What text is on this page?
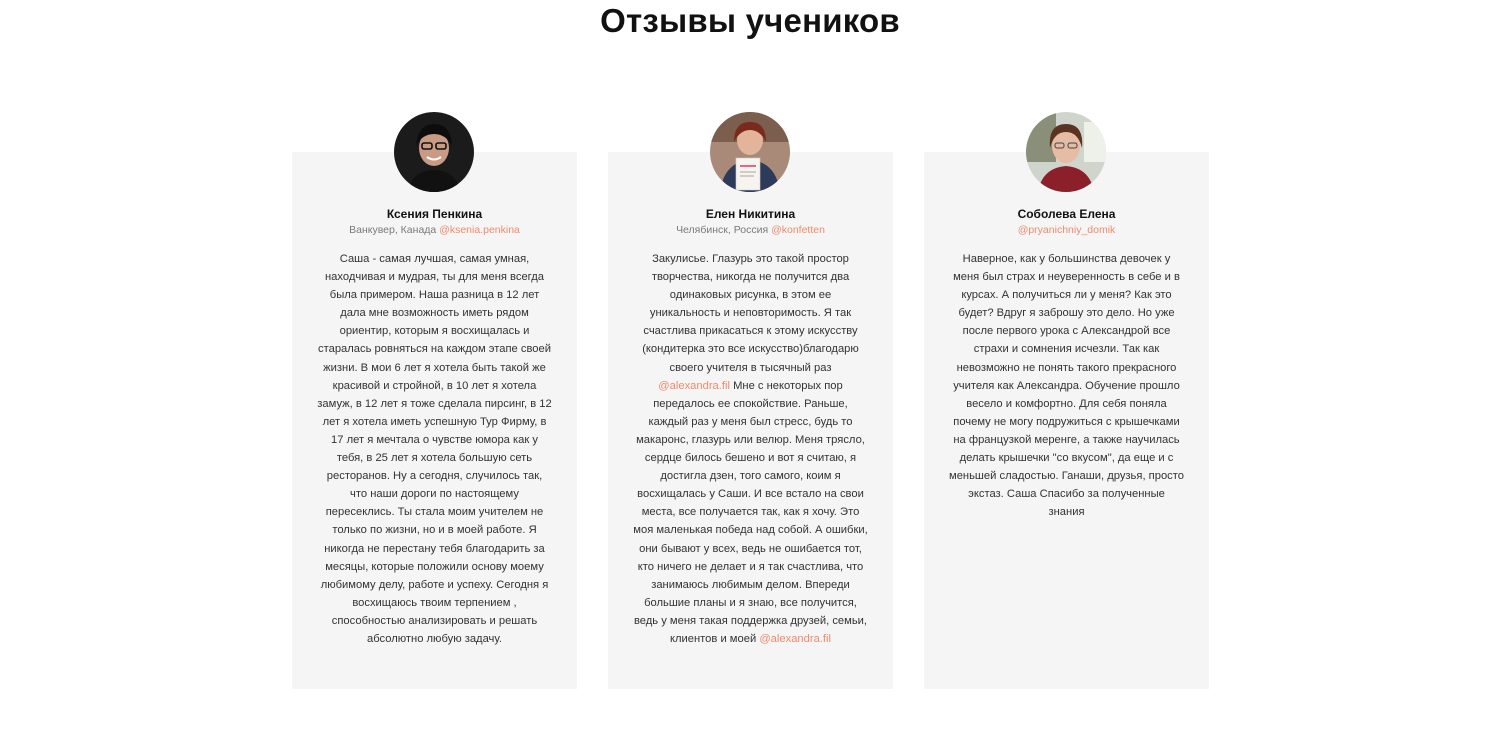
Отзывы учеников
Ксения Пенкина
Ванкувер, Канада @ksenia.penkina
Саша - самая лучшая, самая умная, находчивая и мудрая, ты для меня всегда была примером. Наша разница в 12 лет дала мне возможность иметь рядом ориентир, которым я восхищалась и старалась ровняться на каждом этапе своей жизни. В мои 6 лет я хотела быть такой же красивой и стройной, в 10 лет я хотела замуж, в 12 лет я тоже сделала пирсинг, в 12 лет я хотела иметь успешную Тур Фирму, в 17 лет я мечтала о чувстве юмора как у тебя, в 25 лет я хотела большую сеть ресторанов. Ну а сегодня, случилось так, что наши дороги по настоящему пересеклись. Ты стала моим учителем не только по жизни, но и в моей работе. Я никогда не перестану тебя благодарить за месяцы, которые положили основу моему любимому делу, работе и успеху. Сегодня я восхищаюсь твоим терпением , способностью анализировать и решать абсолютно любую задачу.
Елен Никитина
Челябинск, Россия @konfetten
Закулисье. Глазурь это такой простор творчества, никогда не получится два одинаковых рисунка, в этом ее уникальность и неповторимость. Я так счастлива прикасаться к этому искусству (кондитерка это все искусство)благодарю своего учителя в тысячный раз @alexandra.fil Мне с некоторых пор передалось ее спокойствие. Раньше, каждый раз у меня был стресс, будь то макаронс, глазурь или велюр. Меня трясло, сердце билось бешено и вот я считаю, я достигла дзен, того самого, коим я восхищалась у Саши. И все встало на свои места, все получается так, как я хочу. Это моя маленькая победа над собой. А ошибки, они бывают у всех, ведь не ошибается тот, кто ничего не делает и я так счастлива, что занимаюсь любимым делом. Впереди большие планы и я знаю, все получится, ведь у меня такая поддержка друзей, семьи, клиентов и моей @alexandra.fil
Соболева Елена
@pryanichniy_domik
Наверное, как у большинства девочек у меня был страх и неуверенность в себе и в курсах. А получиться ли у меня? Как это будет? Вдруг я заброшу это дело. Но уже после первого урока с Александрой все страхи и сомнения исчезли. Так как невозможно не понять такого прекрасного учителя как Александра. Обучение прошло весело и комфортно. Для себя поняла почему не могу подружиться с крышечками на французкой меренге, а также научилась делать крышечки "со вкусом", да еще и с меньшей сладостью. Ганаши, друзья, просто экстаз. Саша Спасибо за полученные знания
